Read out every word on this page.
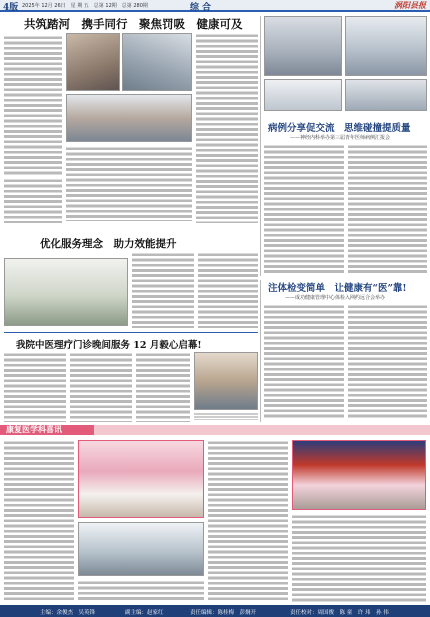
4版 2025年 12月 26日　星 期 五　总第 12期　总第 280期	综合	涡阳县报
共筑踏河　携手同行　聚焦罚吸　健康可及
病例分享促交流　思维碰撞提质量
——神经内科举办第三届青年医师病例汇报会
优化服务理念　助力效能提升
注体检变简单　让健康有“医”靠!
——成功健康管理中心体检入网约远合会举办
我院中医理疗门诊晚间服务 12 月毅心启幕!
康复医学科喜讯
主编：余俊杰　吴英锋	副主编：赵家红	责任编辑：陈桂梅　彭炯开	责任校对：周国俊　陈 童　许 玮　孙 伟
